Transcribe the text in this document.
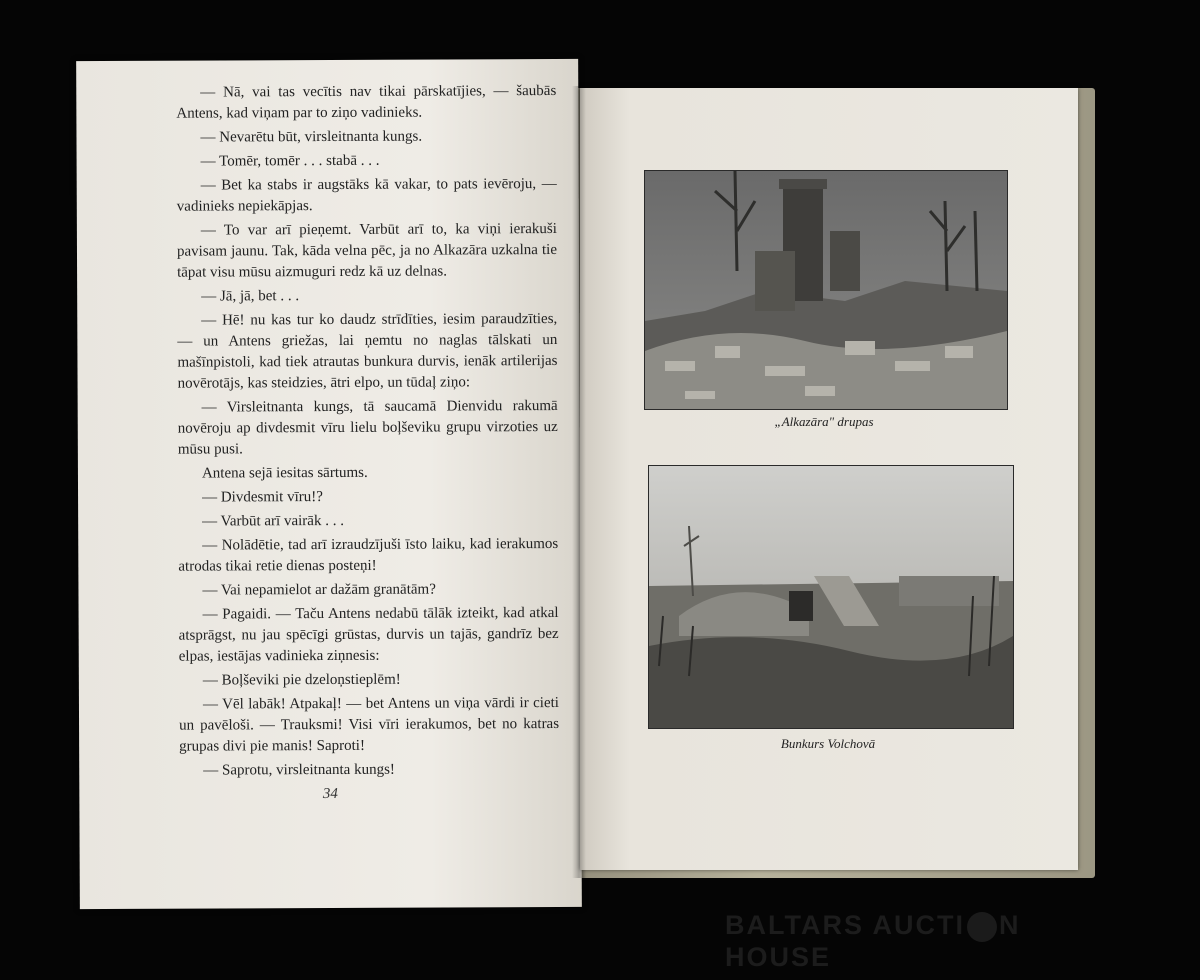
— Nā, vai tas vecītis nav tikai pārskatījies, — šaubās Antens, kad viņam par to ziņo vadinieks.

— Nevarētu būt, virsleitnanta kungs.

— Tomēr, tomēr . . . stabā . . .

— Bet ka stabs ir augstāks kā vakar, to pats ievēroju, — vadinieks nepiekāpjas.

— To var arī pieņemt. Varbūt arī to, ka viņi ierakuši pavisam jaunu. Tak, kāda velna pēc, ja no Alkazāra uzkalna tie tāpat visu mūsu aizmuguri redz kā uz delnas.

— Jā, jā, bet . . .

— Hē! nu kas tur ko daudz strīdīties, iesim paraudzīties, — un Antens griežas, lai ņemtu no naglas tālskati un mašīnpistoli, kad tiek atrautas bunkura durvis, ienāk artilerijas novērotājs, kas steidzies, ātri elpo, un tūdaļ ziņo:

— Virsleitnanta kungs, tā saucamā Dienvidu rakumā novēroju ap divdesmit vīru lielu boļševiku grupu virzoties uz mūsu pusi.

Antena sejā iesitas sārtums.

— Divdesmit vīru!?

— Varbūt arī vairāk . . .

— Nolādētie, tad arī izraudzījuši īsto laiku, kad ierakumos atrodas tikai retie dienas posteņi!

— Vai nepamielot ar dažām granātām?

— Pagaidi. — Taču Antens nedabū tālāk izteikt, kad atkal atsprāgst, nu jau spēcīgi grūstas, durvis un tajās, gandrīz bez elpas, iestājas vadinieka ziņnesis:

— Boļševiki pie dzeloņstieplēm!

— Vēl labāk! Atpakaļ! — bet Antens un viņa vārdi ir cieti un pavēloši. — Trauksmi! Visi vīri ierakumos, bet no katras grupas divi pie manis! Saproti!

— Saprotu, virsleitnanta kungs!

34
„Alkazāra" drupas
Bunkurs Volchovā
BALTARS AUCTI N HOUSE
